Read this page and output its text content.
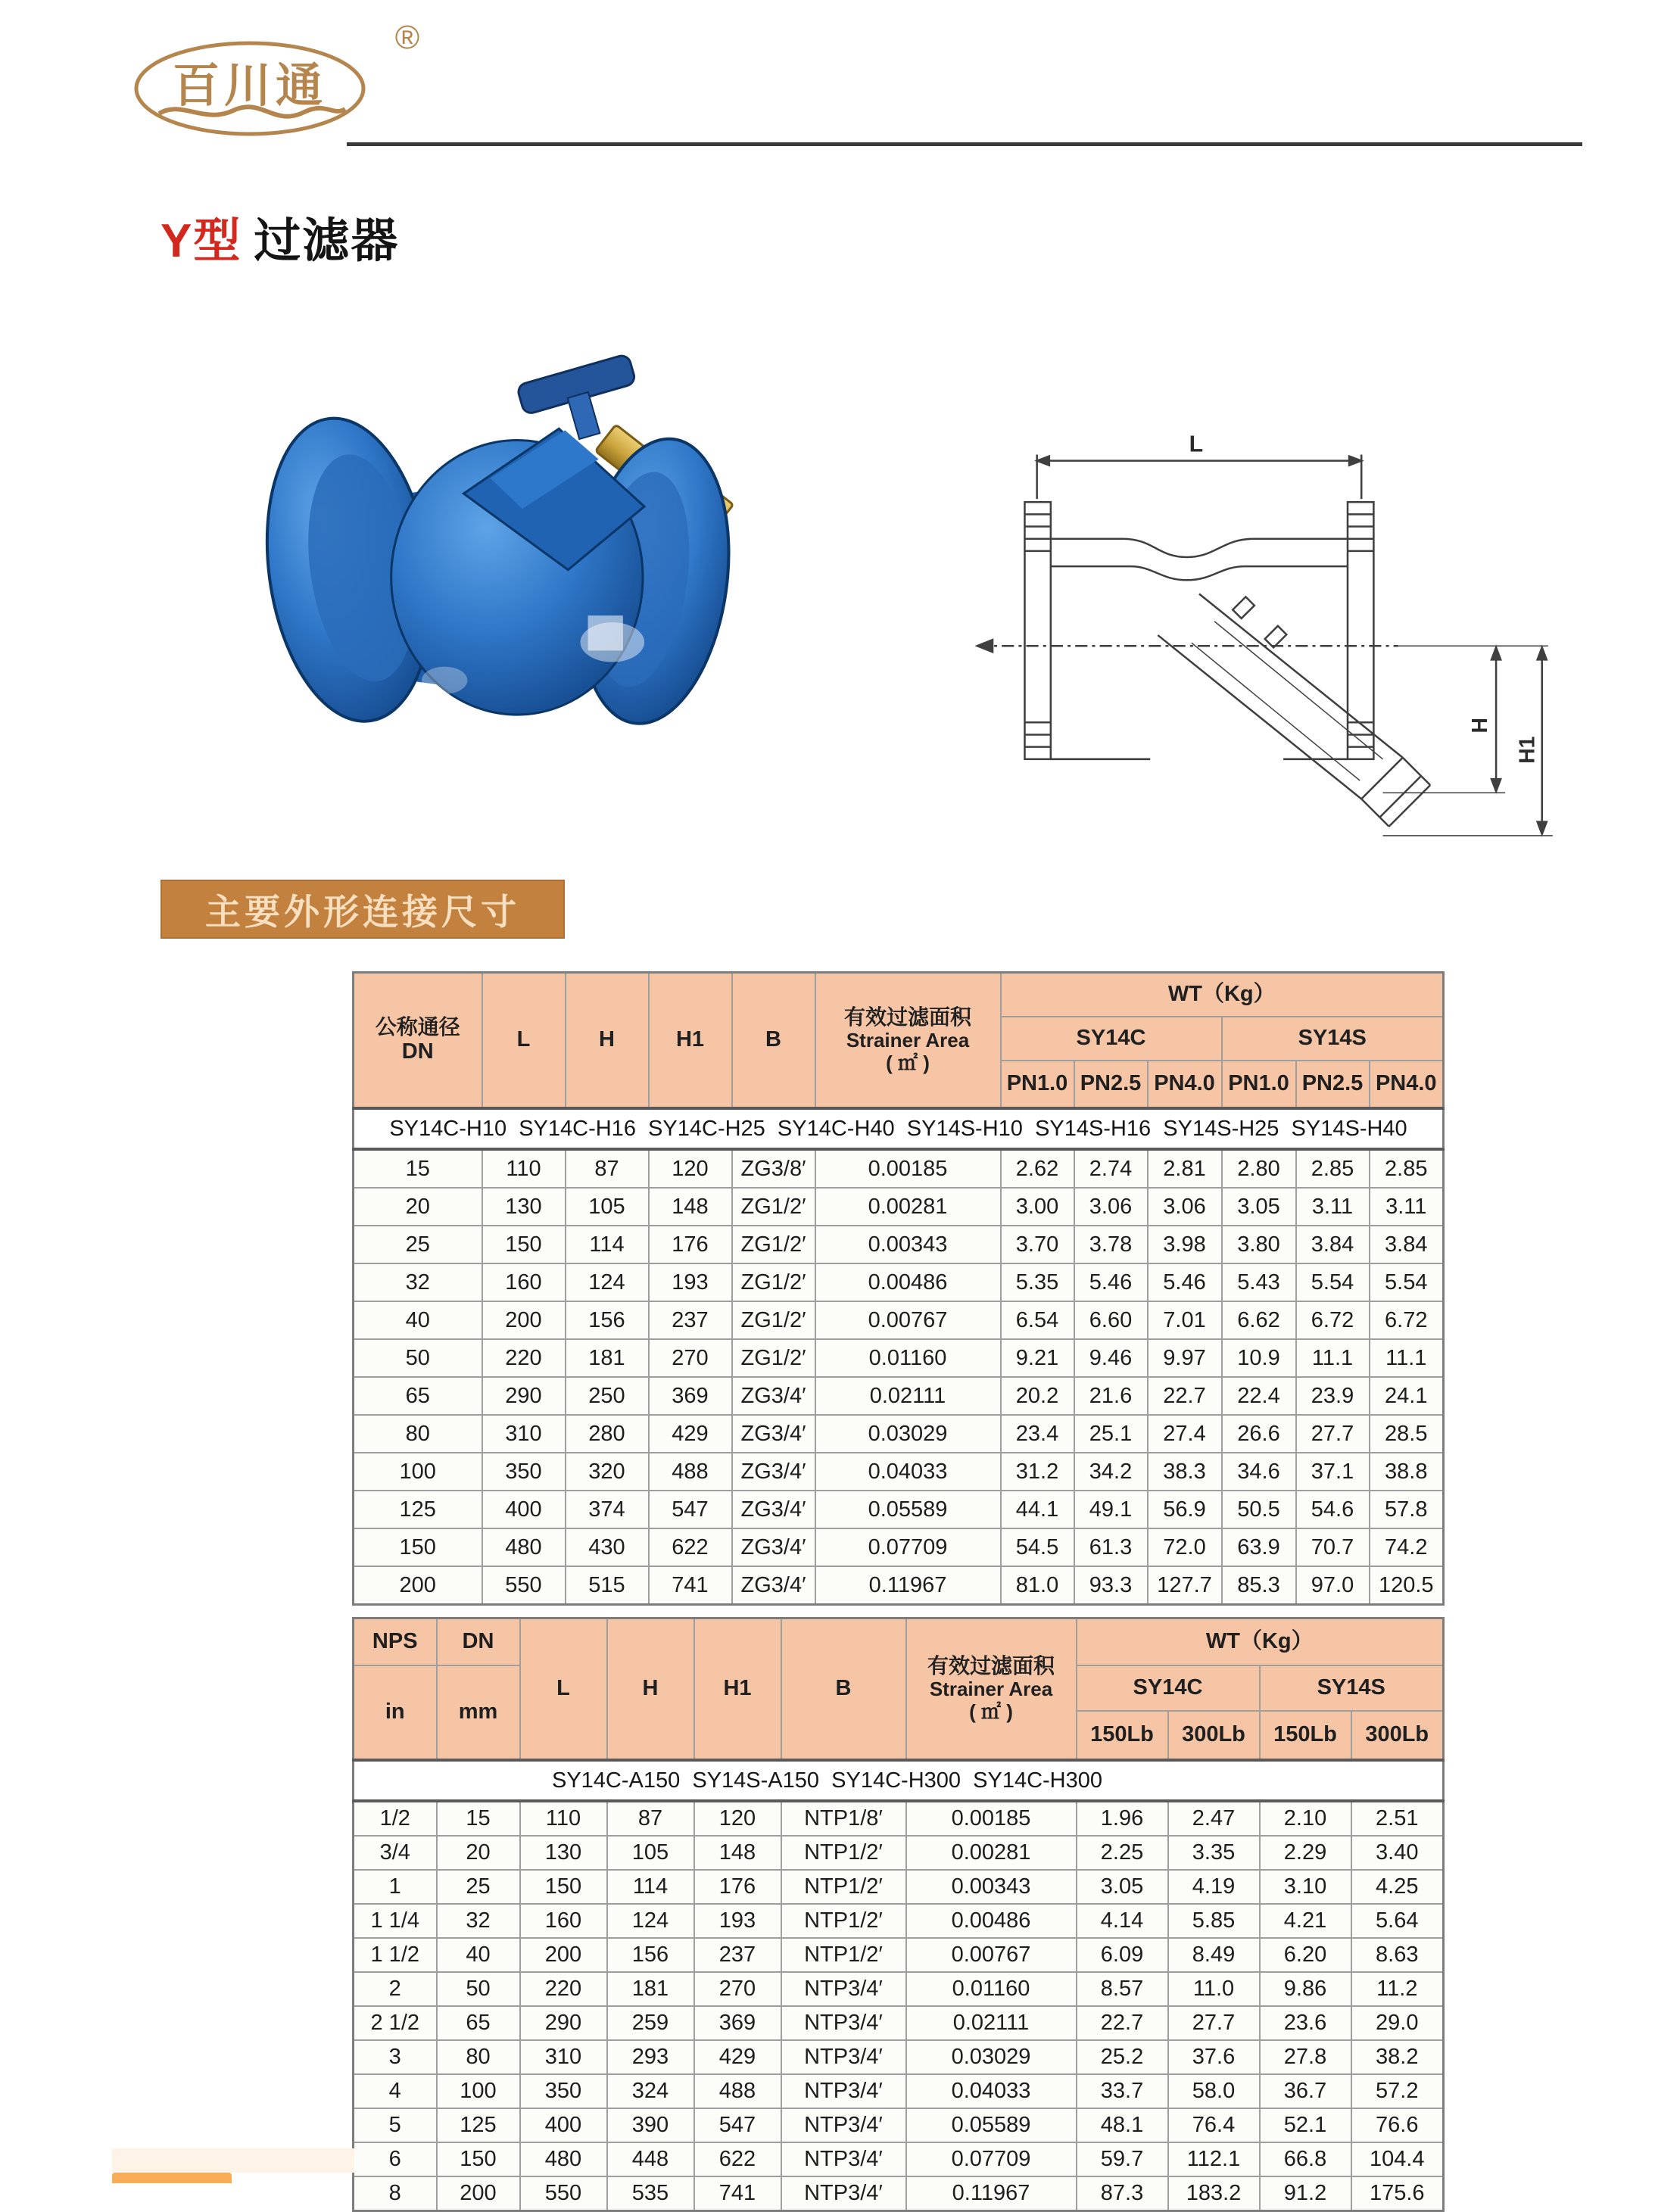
百川通
®
Y型 过滤器
L
H
H1
主要外形连接尺寸
公称通径
DN
	L	H	H1	B	
有效过滤面积
Strainer Area
( ㎡ )
	WT（Kg）
						SY14C			SY14S		
						PN1.0	PN2.5	PN4.0	PN1.0	PN2.5	PN4.0
SY14C-H10  SY14C-H16  SY14C-H25  SY14C-H40  SY14S-H10  SY14S-H16  SY14S-H25  SY14S-H40											
15	110	87	120	ZG3/8′	0.00185	2.62	2.74	2.81	2.80	2.85	2.85
20	130	105	148	ZG1/2′	0.00281	3.00	3.06	3.06	3.05	3.11	3.11
25	150	114	176	ZG1/2′	0.00343	3.70	3.78	3.98	3.80	3.84	3.84
32	160	124	193	ZG1/2′	0.00486	5.35	5.46	5.46	5.43	5.54	5.54
40	200	156	237	ZG1/2′	0.00767	6.54	6.60	7.01	6.62	6.72	6.72
50	220	181	270	ZG1/2′	0.01160	9.21	9.46	9.97	10.9	11.1	11.1
65	290	250	369	ZG3/4′	0.02111	20.2	21.6	22.7	22.4	23.9	24.1
80	310	280	429	ZG3/4′	0.03029	23.4	25.1	27.4	26.6	27.7	28.5
100	350	320	488	ZG3/4′	0.04033	31.2	34.2	38.3	34.6	37.1	38.8
125	400	374	547	ZG3/4′	0.05589	44.1	49.1	56.9	50.5	54.6	57.8
150	480	430	622	ZG3/4′	0.07709	54.5	61.3	72.0	63.9	70.7	74.2
200	550	515	741	ZG3/4′	0.11967	81.0	93.3	127.7	85.3	97.0	120.5
NPS	DN	L	H	H1	B	有效过滤面积
Strainer Area
( ㎡ )	WT（Kg）			
in	mm						SY14C		SY14S	
							150Lb	300Lb	150Lb	300Lb
SY14C-A150  SY14S-A150  SY14C-H300  SY14C-H300										
1/2	15	110	87	120	NTP1/8′	0.00185	1.96	2.47	2.10	2.51
3/4	20	130	105	148	NTP1/2′	0.00281	2.25	3.35	2.29	3.40
1	25	150	114	176	NTP1/2′	0.00343	3.05	4.19	3.10	4.25
1 1/4	32	160	124	193	NTP1/2′	0.00486	4.14	5.85	4.21	5.64
1 1/2	40	200	156	237	NTP1/2′	0.00767	6.09	8.49	6.20	8.63
2	50	220	181	270	NTP3/4′	0.01160	8.57	11.0	9.86	11.2
2 1/2	65	290	259	369	NTP3/4′	0.02111	22.7	27.7	23.6	29.0
3	80	310	293	429	NTP3/4′	0.03029	25.2	37.6	27.8	38.2
4	100	350	324	488	NTP3/4′	0.04033	33.7	58.0	36.7	57.2
5	125	400	390	547	NTP3/4′	0.05589	48.1	76.4	52.1	76.6
6	150	480	448	622	NTP3/4′	0.07709	59.7	112.1	66.8	104.4
8	200	550	535	741	NTP3/4′	0.11967	87.3	183.2	91.2	175.6
